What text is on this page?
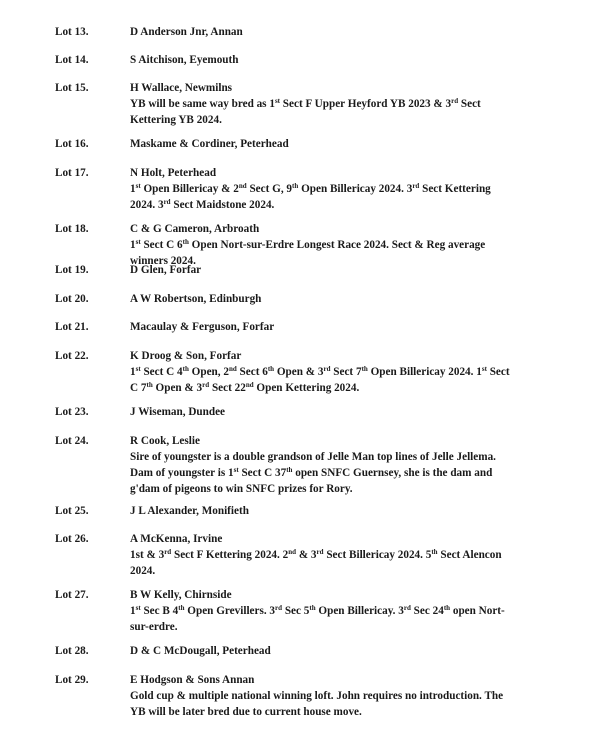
Lot 13.	D Anderson Jnr, Annan
Lot 14.	S Aitchison, Eyemouth
Lot 15.	H Wallace, Newmilns
YB will be same way bred as 1st Sect F Upper Heyford YB 2023 & 3rd Sect
Kettering YB 2024.
Lot 16.	Maskame & Cordiner, Peterhead
Lot 17.	N Holt, Peterhead
1st Open Billericay & 2nd Sect G, 9th Open Billericay 2024. 3rd Sect Kettering
2024. 3rd Sect Maidstone 2024.
Lot 18.	C & G Cameron, Arbroath
1st Sect C 6th Open Nort-sur-Erdre Longest Race 2024. Sect & Reg average
winners 2024.
Lot 19.	D Glen, Forfar
Lot 20.	A W Robertson, Edinburgh
Lot 21.	Macaulay & Ferguson, Forfar
Lot 22.	K Droog & Son, Forfar
1st Sect C 4th Open, 2nd Sect 6th Open & 3rd Sect 7th Open Billericay 2024. 1st Sect
C 7th Open & 3rd Sect 22nd Open Kettering 2024.
Lot 23.	J Wiseman, Dundee
Lot 24.	R Cook, Leslie
Sire of youngster is a double grandson of Jelle Man top lines of Jelle Jellema.
Dam of youngster is 1st Sect C 37th open SNFC Guernsey, she is the dam and
g'dam of pigeons to win SNFC prizes for Rory.
Lot 25.	J L Alexander, Monifieth
Lot 26.	A McKenna, Irvine
1st & 3rd Sect F Kettering 2024. 2nd & 3rd Sect Billericay 2024. 5th Sect Alencon
2024.
Lot 27.	B W Kelly, Chirnside
1st Sec B 4th Open Grevillers. 3rd Sec 5th Open Billericay. 3rd Sec 24th open Nort-
sur-erdre.
Lot 28.	D & C McDougall, Peterhead
Lot 29.	E Hodgson & Sons Annan
Gold cup & multiple national winning loft. John requires no introduction. The
YB will be later bred due to current house move.
